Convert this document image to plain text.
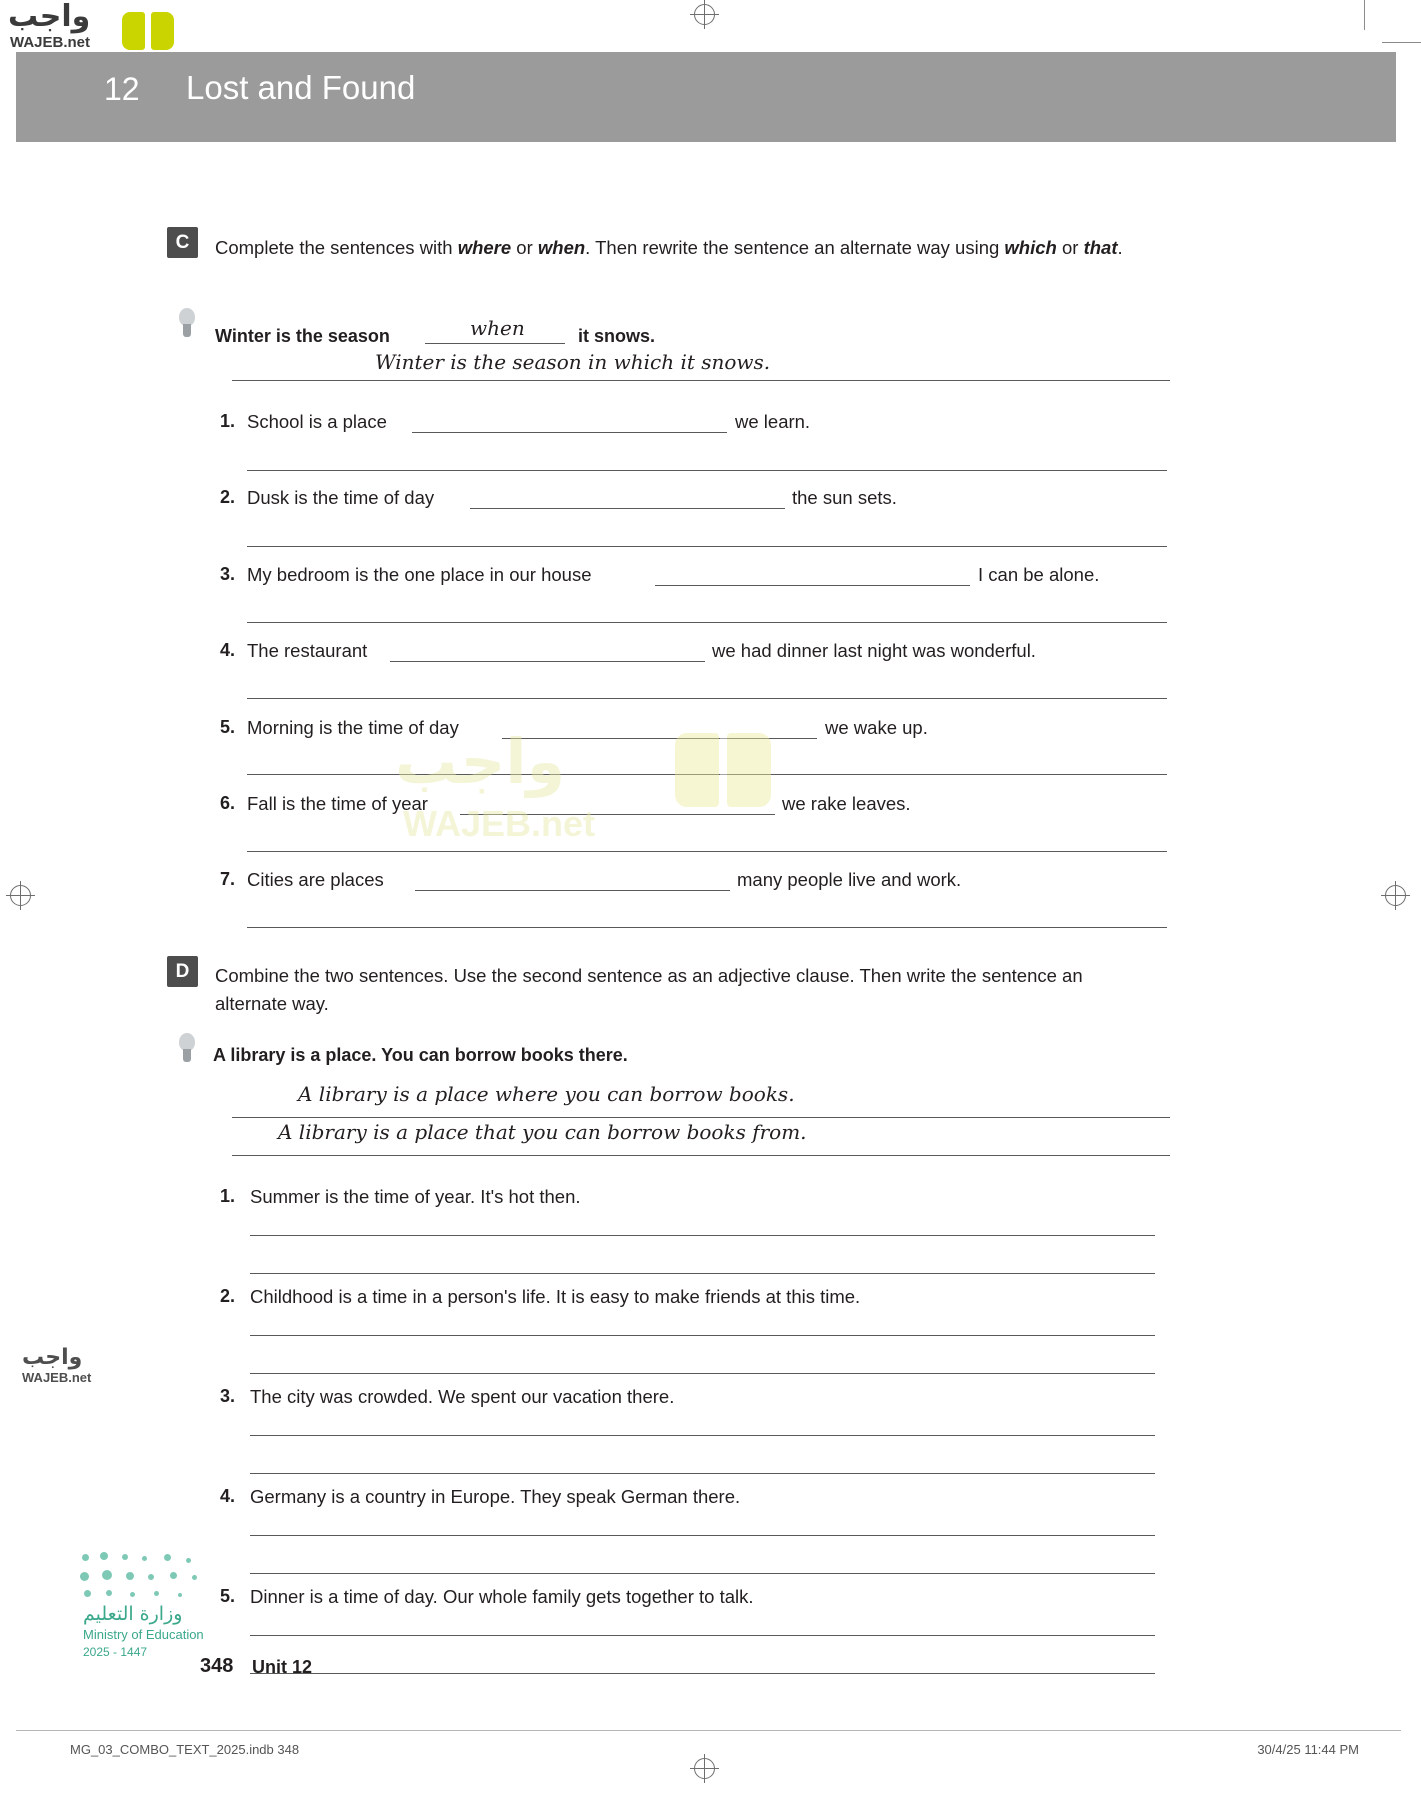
واجب
WAJEB.net
12 Lost and Found
C	Complete the sentences with where or when. Then rewrite the sentence an alternate way using which or that.
Winter is the season	when	it snows.
Winter is the season in which it snows.
1. School is a place	we learn.
2. Dusk is the time of day	the sun sets.
3. My bedroom is the one place in our house	I can be alone.
4. The restaurant	we had dinner last night was wonderful.
5. Morning is the time of day	we wake up.
6. Fall is the time of year	we rake leaves.
7. Cities are places	many people live and work.
D	Combine the two sentences. Use the second sentence as an adjective clause. Then write the sentence an alternate way.
A library is a place. You can borrow books there.
A library is a place where you can borrow books.
A library is a place that you can borrow books from.
1. Summer is the time of year. It's hot then.
2. Childhood is a time in a person's life. It is easy to make friends at this time.
3. The city was crowded. We spent our vacation there.
4. Germany is a country in Europe. They speak German there.
5. Dinner is a time of day. Our whole family gets together to talk.
واجب
WAJEB.net
واجب
WAJEB.net
وزارة التعليم
Ministry of Education
2025 - 1447
348 Unit 12
MG_03_COMBO_TEXT_2025.indb 348	30/4/25 11:44 PM
